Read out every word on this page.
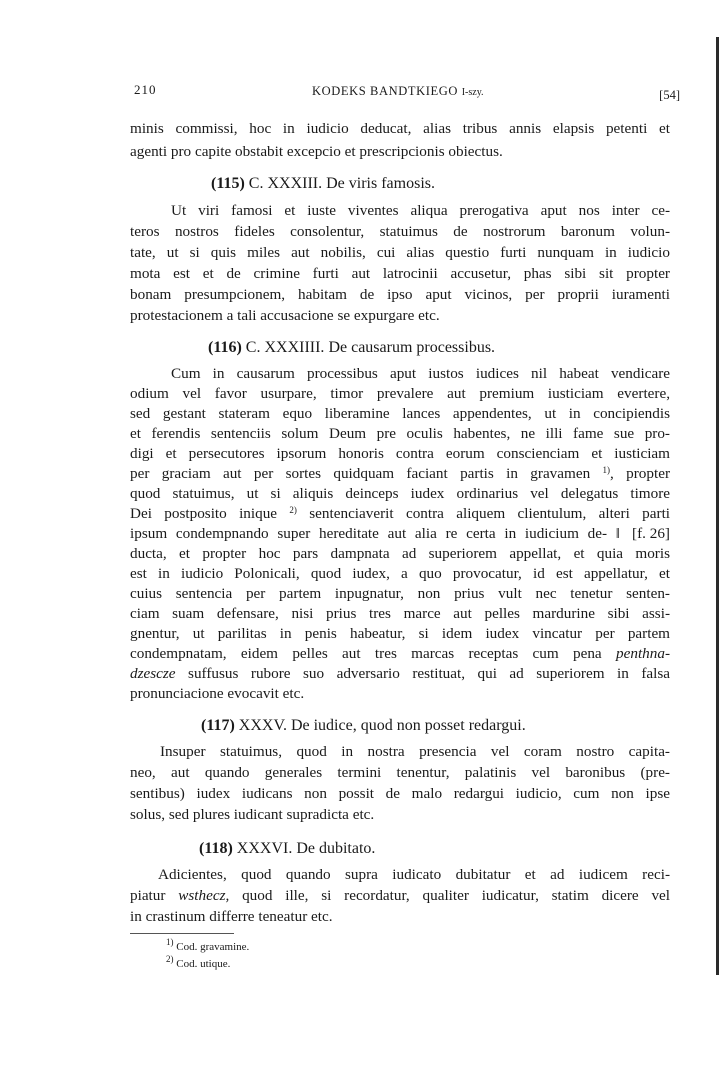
210	KODEKS BANDTKIEGO I-szy.	[54]
minis commissi, hoc in iudicio deducat, alias tribus annis elapsis petenti et
agenti pro capite obstabit excepcio et prescripcionis obiectus.
(115) C. XXXIII. De viris famosis.
Ut viri famosi et iuste viventes aliqua prerogativa aput nos inter ce-
teros nostros fideles consolentur, statuimus de nostrorum baronum volun-
tate, ut si quis miles aut nobilis, cui alias questio furti nunquam in iudicio
mota est et de crimine furti aut latrocinii accusetur, phas sibi sit propter
bonam presumpcionem, habitam de ipso aput vicinos, per proprii iuramenti
protestacionem a tali accusacione se expurgare etc.
(116) C. XXXIIII. De causarum processibus.
Cum in causarum processibus aput iustos iudices nil habeat vendicare
odium vel favor usurpare, timor prevalere aut premium iusticiam evertere,
sed gestant stateram equo liberamine lances appendentes, ut in concipiendis
et ferendis sentenciis solum Deum pre oculis habentes, ne illi fame sue pro-
digi et persecutores ipsorum honoris contra eorum conscienciam et iusticiam
per graciam aut per sortes quidquam faciant partis in gravamen $^{1)}$, propter
quod statuimus, ut si aliquis deinceps iudex ordinarius vel delegatus timore
Dei postposito inique $^{2)}$ sentenciaverit contra aliquem clientulum, alteri parti
ipsum condempnando super hereditate aut alia re certa in iudicium de- ‖ [f. 26]
ducta, et propter hoc pars dampnata ad superiorem appellat, et quia moris
est in iudicio Polonicali, quod iudex, a quo provocatur, id est appellatur, et
cuius sentencia per partem inpugnatur, non prius vult nec tenetur senten-
ciam suam defensare, nisi prius tres marce aut pelles mardurine sibi assi-
gnentur, ut parilitas in penis habeatur, si idem iudex vincatur per partem
condempnatam, eidem pelles aut tres marcas receptas cum pena penthna-
dzescze suffusus rubore suo adversario restituat, qui ad superiorem in falsa
pronunciacione evocavit etc.
(117) XXXV. De iudice, quod non posset redargui.
Insuper statuimus, quod in nostra presencia vel coram nostro capita-
neo, aut quando generales termini tenentur, palatinis vel baronibus (pre-
sentibus) iudex iudicans non possit de malo redargui iudicio, cum non ipse
solus, sed plures iudicant supradicta etc.
(118) XXXVI. De dubitato.
Adicientes, quod quando supra iudicato dubitatur et ad iudicem reci-
piatur wsthecz, quod ille, si recordatur, qualiter iudicatur, statim dicere vel
in crastinum differre teneatur etc.
$^{1)}$ Cod. gravamine.
$^{2)}$ Cod. utique.
